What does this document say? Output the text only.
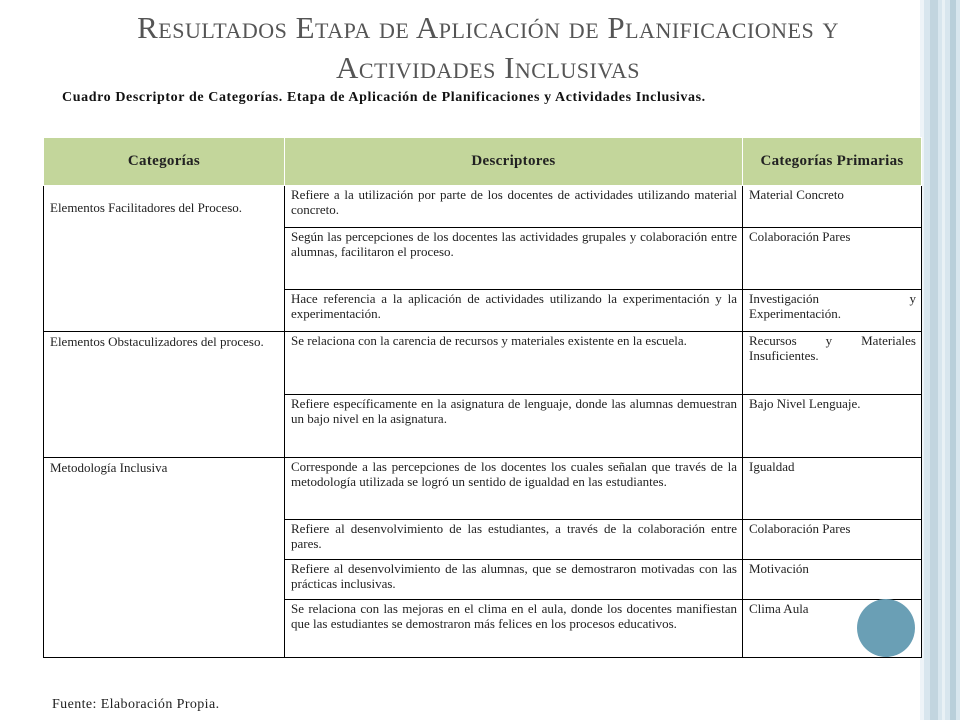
Resultados Etapa de Aplicación de Planificaciones y
Actividades Inclusivas
Cuadro Descriptor de Categorías. Etapa de Aplicación de Planificaciones y Actividades Inclusivas.
Categorías	Descriptores	Categorías Primarias
Elementos Facilitadores del Proceso.	Refiere a la utilización por parte de los docentes de actividades utilizando material concreto.	Material Concreto
	Según las percepciones de los docentes las actividades grupales y colaboración entre alumnas, facilitaron el proceso.	Colaboración Pares
	Hace referencia a la aplicación de actividades utilizando la experimentación y la experimentación.	Investigación y Experimentación.
Elementos Obstaculizadores del proceso.	Se relaciona con la carencia de recursos y materiales existente en la escuela.	Recursos y Materiales Insuficientes.
	Refiere específicamente en la asignatura de lenguaje, donde las alumnas demuestran un bajo nivel en la asignatura.	Bajo Nivel Lenguaje.
Metodología Inclusiva	Corresponde a las percepciones de los docentes los cuales señalan que través de la metodología utilizada se logró un sentido de igualdad en las estudiantes.	Igualdad
	Refiere al desenvolvimiento de las estudiantes, a través de la colaboración entre pares.	Colaboración Pares
	Refiere al desenvolvimiento de las alumnas, que se demostraron motivadas con las prácticas inclusivas.	Motivación
	Se relaciona con las mejoras en el clima en el aula, donde los docentes manifiestan que las estudiantes se demostraron más felices en los procesos educativos.	Clima Aula
Fuente: Elaboración Propia.
